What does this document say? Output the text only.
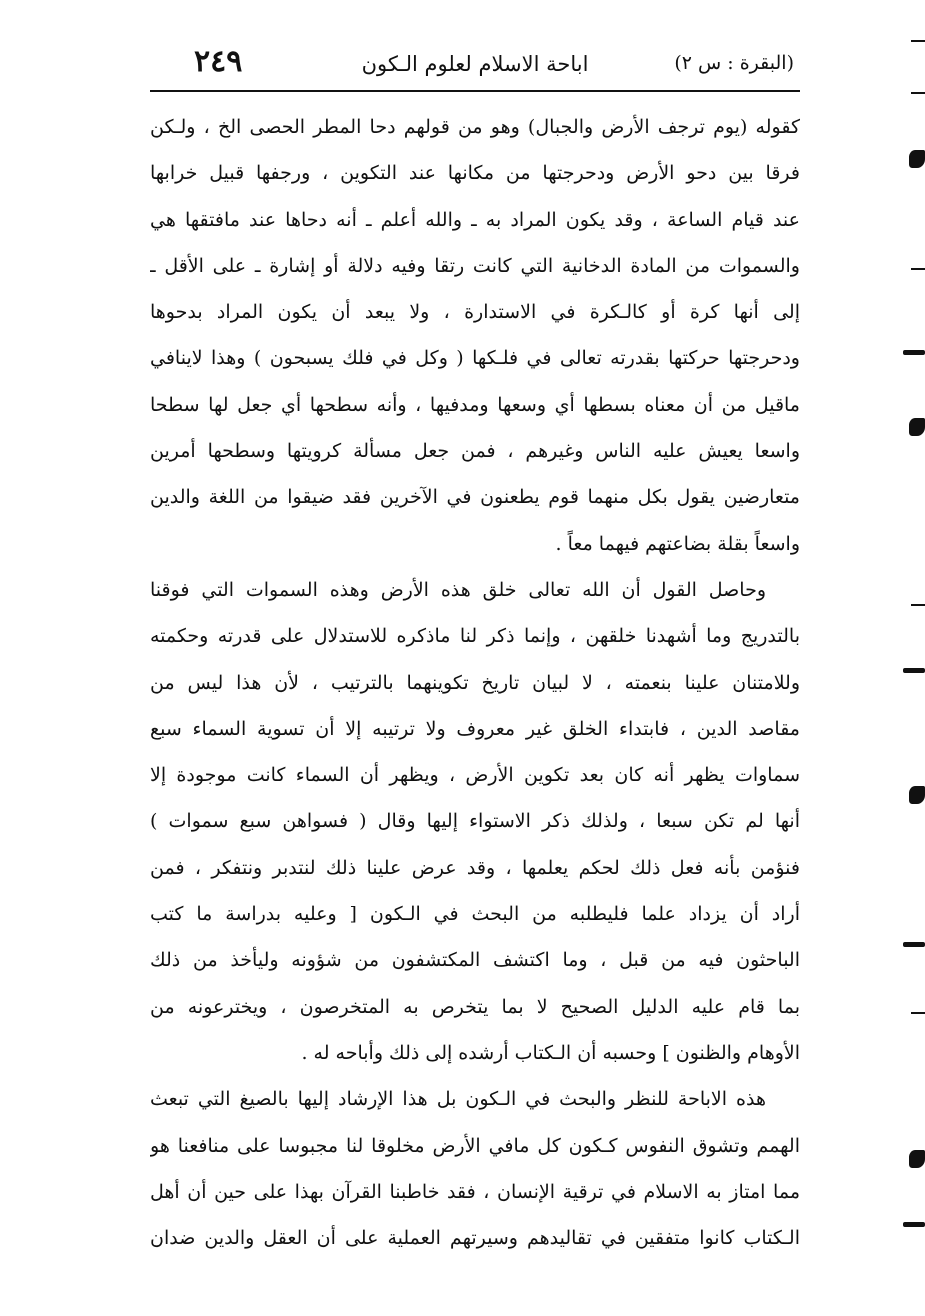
(البقرة : س ٢)
اباحة الاسلام لعلوم الـكون
٢٤٩
كقوله (يوم ترجف الأرض والجبال) وهو من قولهم دحا المطر الحصى الخ ، ولـكن
فرقا بين دحو الأرض ودحرجتها من مكانها عند التكوين ، ورجفها قبيل خرابها
عند قيام الساعة ، وقد يكون المراد به ـ والله أعلم ـ أنه دحاها عند مافتقها هي
والسموات من المادة الدخانية التي كانت رتقا وفيه دلالة أو إشارة ـ على الأقل ـ
إلى أنها كرة أو كالـكرة في الاستدارة ، ولا يبعد أن يكون المراد بدحوها
ودحرجتها حركتها بقدرته تعالى في فلـكها ( وكل في فلك يسبحون ) وهذا لاينافي
ماقيل من أن معناه بسطها أي وسعها ومدفيها ، وأنه سطحها أي جعل لها سطحا
واسعا يعيش عليه الناس وغيرهم ، فمن جعل مسألة كرويتها وسطحها أمرين
متعارضين يقول بكل منهما قوم يطعنون في الآخرين فقد ضيقوا من اللغة والدين
واسعاً بقلة بضاعتهم فيهما معاً .
وحاصل القول أن الله تعالى خلق هذه الأرض وهذه السموات التي فوقنا
بالتدريج وما أشهدنا خلقهن ، وإنما ذكر لنا ماذكره للاستدلال على قدرته وحكمته
وللامتنان علينا بنعمته ، لا لبيان تاريخ تكوينهما بالترتيب ، لأن هذا ليس من
مقاصد الدين ، فابتداء الخلق غير معروف ولا ترتيبه إلا أن تسوية السماء سبع
سماوات يظهر أنه كان بعد تكوين الأرض ، ويظهر أن السماء كانت موجودة إلا
أنها لم تكن سبعا ، ولذلك ذكر الاستواء إليها وقال ( فسواهن سبع سموات )
فنؤمن بأنه فعل ذلك لحكم يعلمها ، وقد عرض علينا ذلك لنتدبر ونتفكر ، فمن
أراد أن يزداد علما فليطلبه من البحث في الـكون [ وعليه بدراسة ما كتب
الباحثون فيه من قبل ، وما اكتشف المكتشفون من شؤونه وليأخذ من ذلك
بما قام عليه الدليل الصحيح لا بما يتخرص به المتخرصون ، ويخترعونه من
الأوهام والظنون ] وحسبه أن الـكتاب أرشده إلى ذلك وأباحه له .
هذه الاباحة للنظر والبحث في الـكون بل هذا الإرشاد إليها بالصيغ التي تبعث
الهمم وتشوق النفوس كـكون كل مافي الأرض مخلوقا لنا مجبوسا على منافعنا هو
مما امتاز به الاسلام في ترقية الإنسان ، فقد خاطبنا القرآن بهذا على حين أن أهل
الـكتاب كانوا متفقين في تقاليدهم وسيرتهم العملية على أن العقل والدين ضدان
